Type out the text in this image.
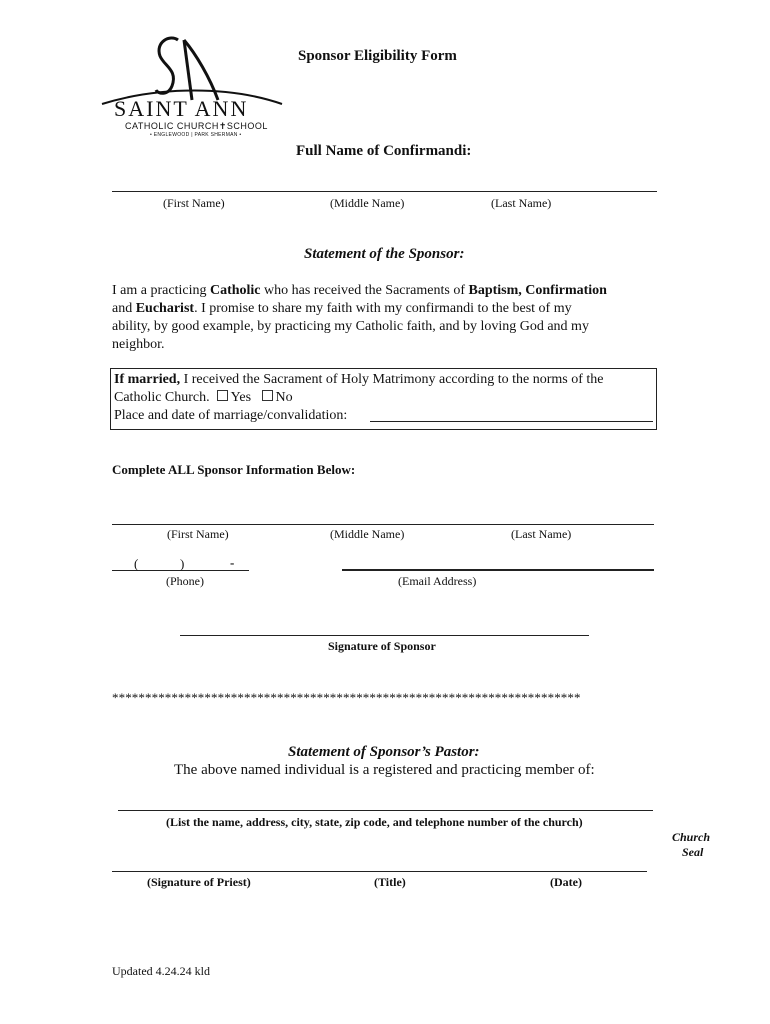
SAINT ANN
CATHOLIC CHURCH✝SCHOOL
• ENGLEWOOD | PARK SHERMAN •
Sponsor Eligibility Form
Full Name of Confirmandi:
(First Name)	(Middle Name)	(Last Name)
Statement of the Sponsor:
I am a practicing Catholic who has received the Sacraments of Baptism, Confirmation
and Eucharist. I promise to share my faith with my confirmandi to the best of my
ability, by good example, by practicing my Catholic faith, and by loving God and my
neighbor.
If married, I received the Sacrament of Holy Matrimony according to the norms of the
Catholic Church. Yes No
Place and date of marriage/convalidation:
Complete ALL Sponsor Information Below:
(First Name)	(Middle Name)	(Last Name)
(	)	-
(Phone)	(Email Address)
Signature of Sponsor
***********************************************************************
Statement of Sponsor’s Pastor:
The above named individual is a registered and practicing member of:
(List the name, address, city, state, zip code, and telephone number of the church)
Church
Seal
(Signature of Priest)	(Title)	(Date)
Updated 4.24.24 kld
